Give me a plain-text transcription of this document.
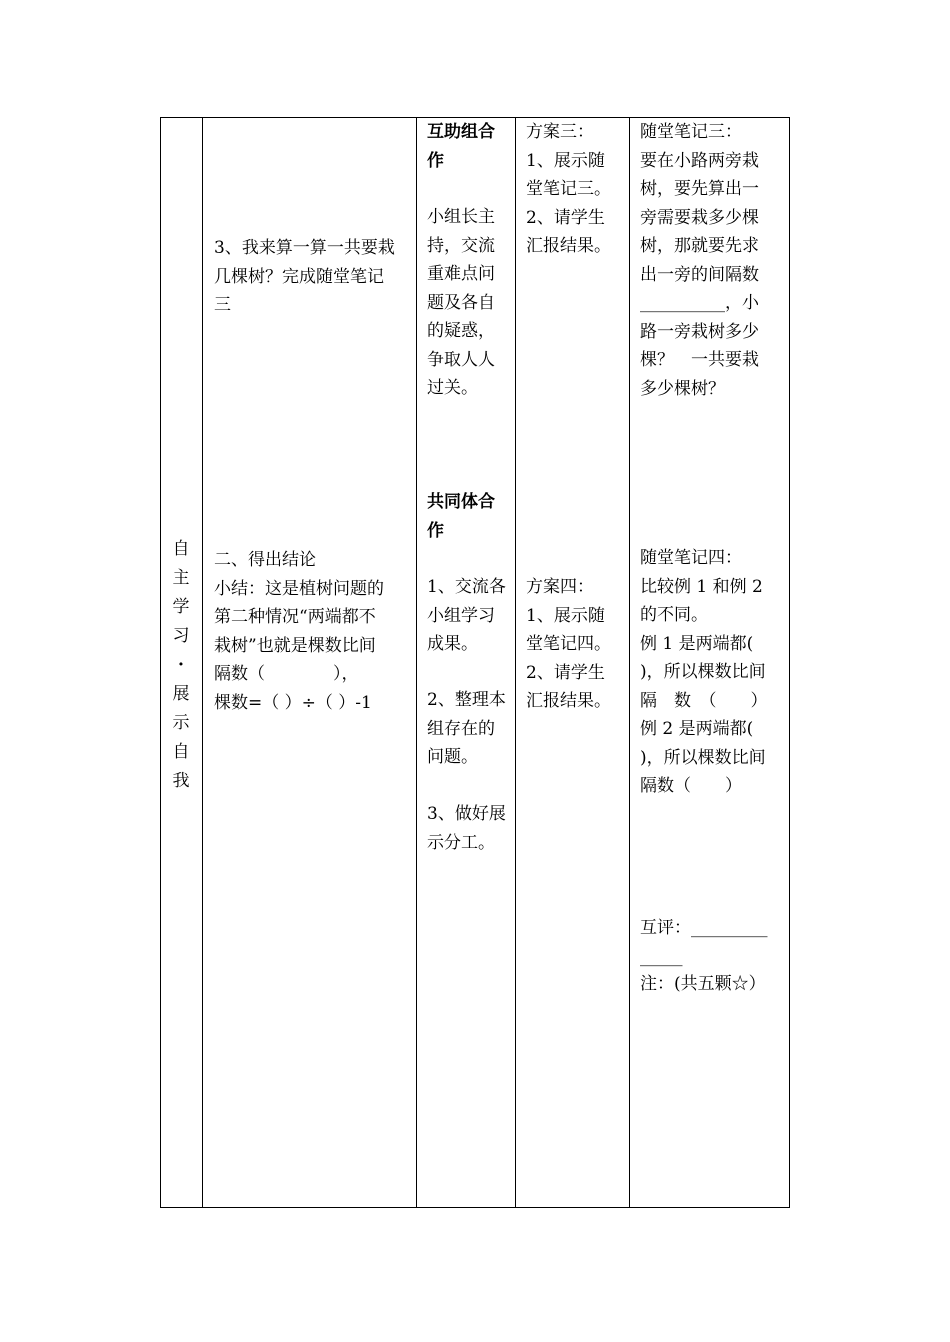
自
主
学
习
·
展
示
自
我
3、我来算一算一共要栽
几棵树？完成随堂笔记
三
二、得出结论
小结：这是植树问题的
第二种情况“两端都不
栽树”也就是棵数比间
隔数（　　　　），
棵数=（ ）÷（ ）-1
互助组合
作
小组长主
持，交流
重难点问
题及各自
的疑惑，
争取人人
过关。
共同体合
作
1、交流各
小组学习
成果。
2、整理本
组存在的
问题。
3、做好展
示分工。
方案三：
1、展示随
堂笔记三。
2、请学生
汇报结果。
方案四：
1、展示随
堂笔记四。
2、请学生
汇报结果。
随堂笔记三：
要在小路两旁栽
树，要先算出一
旁需要栽多少棵
树，那就要先求
出一旁的间隔数
__________，小
路一旁栽树多少
棵？　一共要栽
多少棵树？
随堂笔记四：
比较例 1 和例 2
的不同。
例 1 是两端都(
)，所以棵数比间
隔　数　（　　）
例 2 是两端都(
)，所以棵数比间
隔数（　　）
互评：_________
_____
注：(共五颗☆）
